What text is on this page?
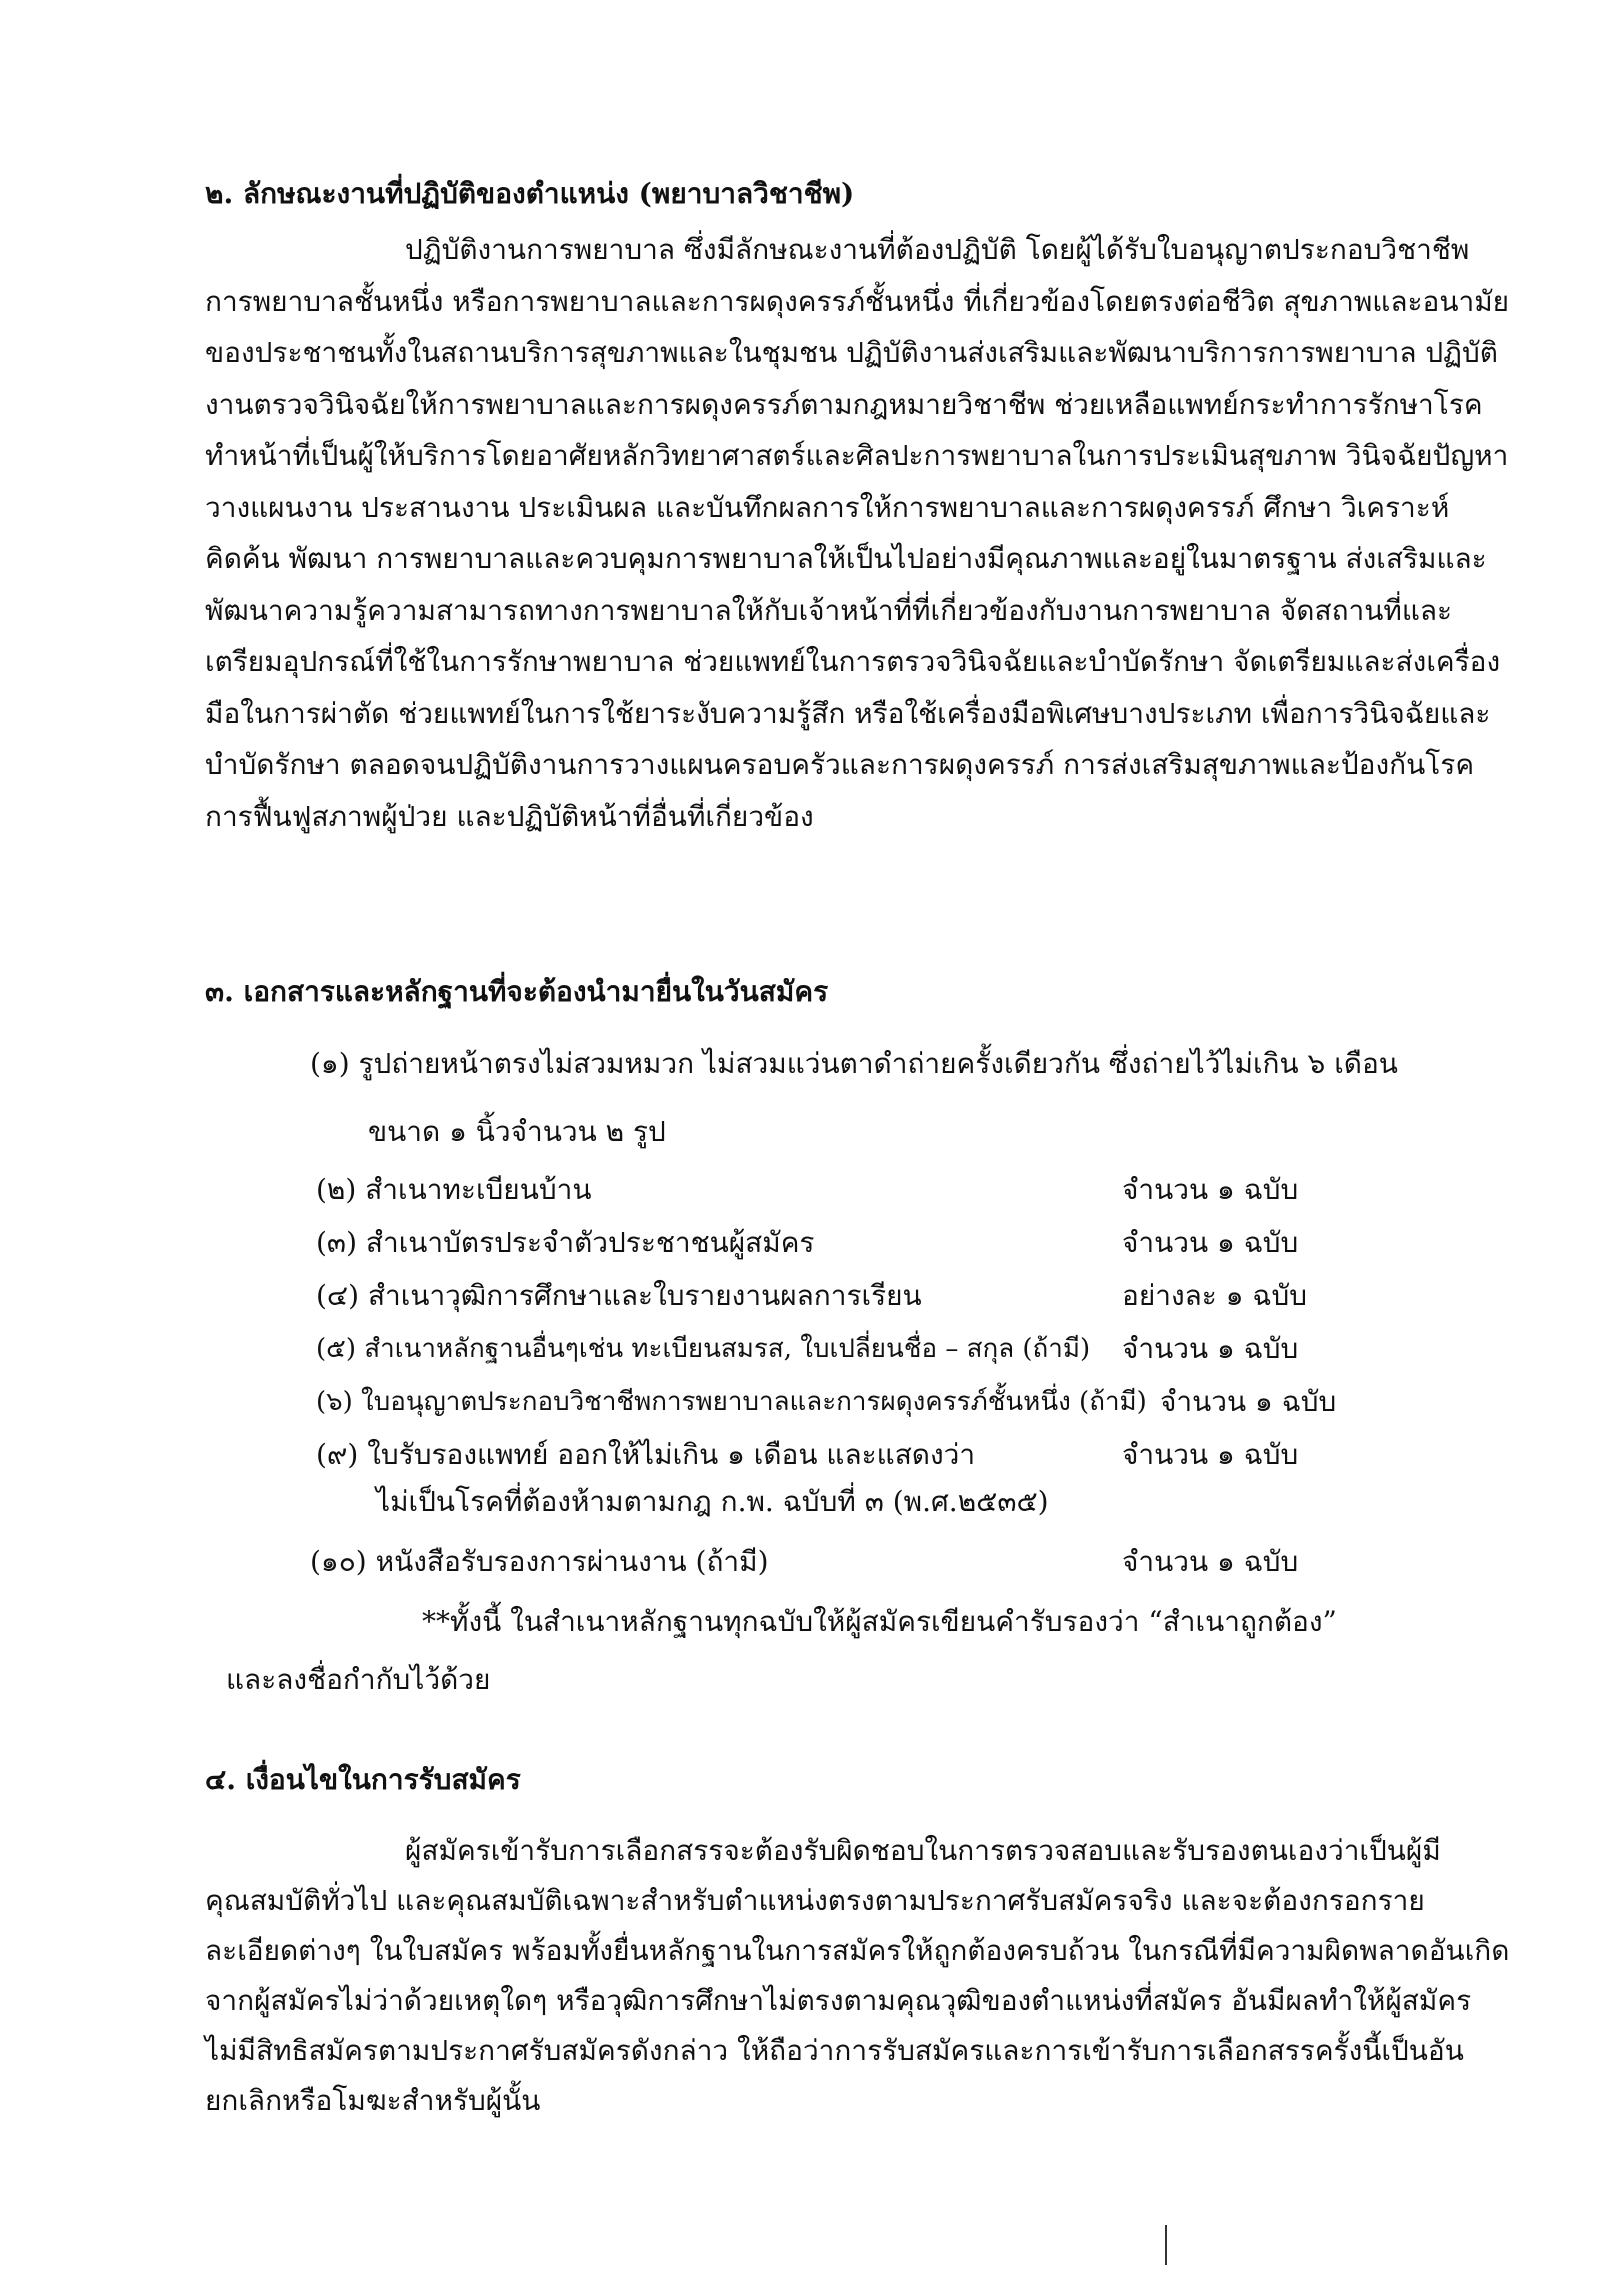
๒. ลักษณะงานที่ปฏิบัติของตำแหน่ง (พยาบาลวิชาชีพ)

ปฏิบัติงานการพยาบาล ซึ่งมีลักษณะงานที่ต้องปฏิบัติ โดยผู้ได้รับใบอนุญาตประกอบวิชาชีพ การพยาบาลชั้นหนึ่ง หรือการพยาบาลและการผดุงครรภ์ชั้นหนึ่ง ที่เกี่ยวข้องโดยตรงต่อชีวิต สุขภาพและอนามัยของประชาชนทั้งในสถานบริการสุขภาพและในชุมชน ปฏิบัติงานส่งเสริมและพัฒนาบริการการพยาบาล ปฏิบัติงานตรวจวินิจฉัยให้การพยาบาลและการผดุงครรภ์ตามกฎหมายวิชาชีพ ช่วยเหลือแพทย์กระทำการรักษาโรค ทำหน้าที่เป็นผู้ให้บริการโดยอาศัยหลักวิทยาศาสตร์และศิลปะการพยาบาลในการประเมินสุขภาพ วินิจฉัยปัญหา วางแผนงาน ประสานงาน ประเมินผล และบันทึกผลการให้การพยาบาลและการผดุงครรภ์ ศึกษา วิเคราะห์ คิดค้น พัฒนา การพยาบาลและควบคุมการพยาบาลให้เป็นไปอย่างมีคุณภาพและอยู่ในมาตรฐาน ส่งเสริมและพัฒนาความรู้ความสามารถทางการพยาบาลให้กับเจ้าหน้าที่ที่เกี่ยวข้องกับงานการพยาบาล จัดสถานที่และเตรียมอุปกรณ์ที่ใช้ในการรักษาพยาบาล ช่วยแพทย์ในการตรวจวินิจฉัยและบำบัดรักษา จัดเตรียมและส่งเครื่องมือในการผ่าตัด ช่วยแพทย์ในการใช้ยาระงับความรู้สึก หรือใช้เครื่องมือพิเศษบางประเภท เพื่อการวินิจฉัยและบำบัดรักษา ตลอดจนปฏิบัติงานการวางแผนครอบครัวและการผดุงครรภ์ การส่งเสริมสุขภาพและป้องกันโรค การฟื้นฟูสภาพผู้ป่วย และปฏิบัติหน้าที่อื่นที่เกี่ยวข้อง

๓. เอกสารและหลักฐานที่จะต้องนำมายื่นในวันสมัคร
(๑) รูปถ่ายหน้าตรงไม่สวมหมวก ไม่สวมแว่นตาดำถ่ายครั้งเดียวกัน ซึ่งถ่ายไว้ไม่เกิน ๖ เดือน
ขนาด ๑ นิ้วจำนวน ๒ รูป
(๒) สำเนาทะเบียนบ้าน	จำนวน ๑ ฉบับ
(๓) สำเนาบัตรประจำตัวประชาชนผู้สมัคร	จำนวน ๑ ฉบับ
(๔) สำเนาวุฒิการศึกษาและใบรายงานผลการเรียน	อย่างละ ๑ ฉบับ
(๕) สำเนาหลักฐานอื่นๆเช่น ทะเบียนสมรส, ใบเปลี่ยนชื่อ – สกุล (ถ้ามี) จำนวน ๑ ฉบับ
(๖) ใบอนุญาตประกอบวิชาชีพการพยาบาลและการผดุงครรภ์ชั้นหนึ่ง (ถ้ามี) จำนวน ๑ ฉบับ
(๙) ใบรับรองแพทย์ ออกให้ไม่เกิน ๑ เดือน และแสดงว่า	จำนวน ๑ ฉบับ
ไม่เป็นโรคที่ต้องห้ามตามกฎ ก.พ. ฉบับที่ ๓ (พ.ศ.๒๕๓๕)
(๑๐) หนังสือรับรองการผ่านงาน (ถ้ามี)	จำนวน ๑ ฉบับ
**ทั้งนี้ ในสำเนาหลักฐานทุกฉบับให้ผู้สมัครเขียนคำรับรองว่า “สำเนาถูกต้อง”
และลงชื่อกำกับไว้ด้วย
๔. เงื่อนไขในการรับสมัคร

ผู้สมัครเข้ารับการเลือกสรรจะต้องรับผิดชอบในการตรวจสอบและรับรองตนเองว่าเป็นผู้มีคุณสมบัติทั่วไป และคุณสมบัติเฉพาะสำหรับตำแหน่งตรงตามประกาศรับสมัครจริง และจะต้องกรอกรายละเอียดต่างๆ ในใบสมัคร พร้อมทั้งยื่นหลักฐานในการสมัครให้ถูกต้องครบถ้วน ในกรณีที่มีความผิดพลาดอันเกิดจากผู้สมัครไม่ว่าด้วยเหตุใดๆ หรือวุฒิการศึกษาไม่ตรงตามคุณวุฒิของตำแหน่งที่สมัคร อันมีผลทำให้ผู้สมัครไม่มีสิทธิสมัครตามประกาศรับสมัครดังกล่าว ให้ถือว่าการรับสมัครและการเข้ารับการเลือกสรรครั้งนี้เป็นอันยกเลิกหรือโมฆะสำหรับผู้นั้น
